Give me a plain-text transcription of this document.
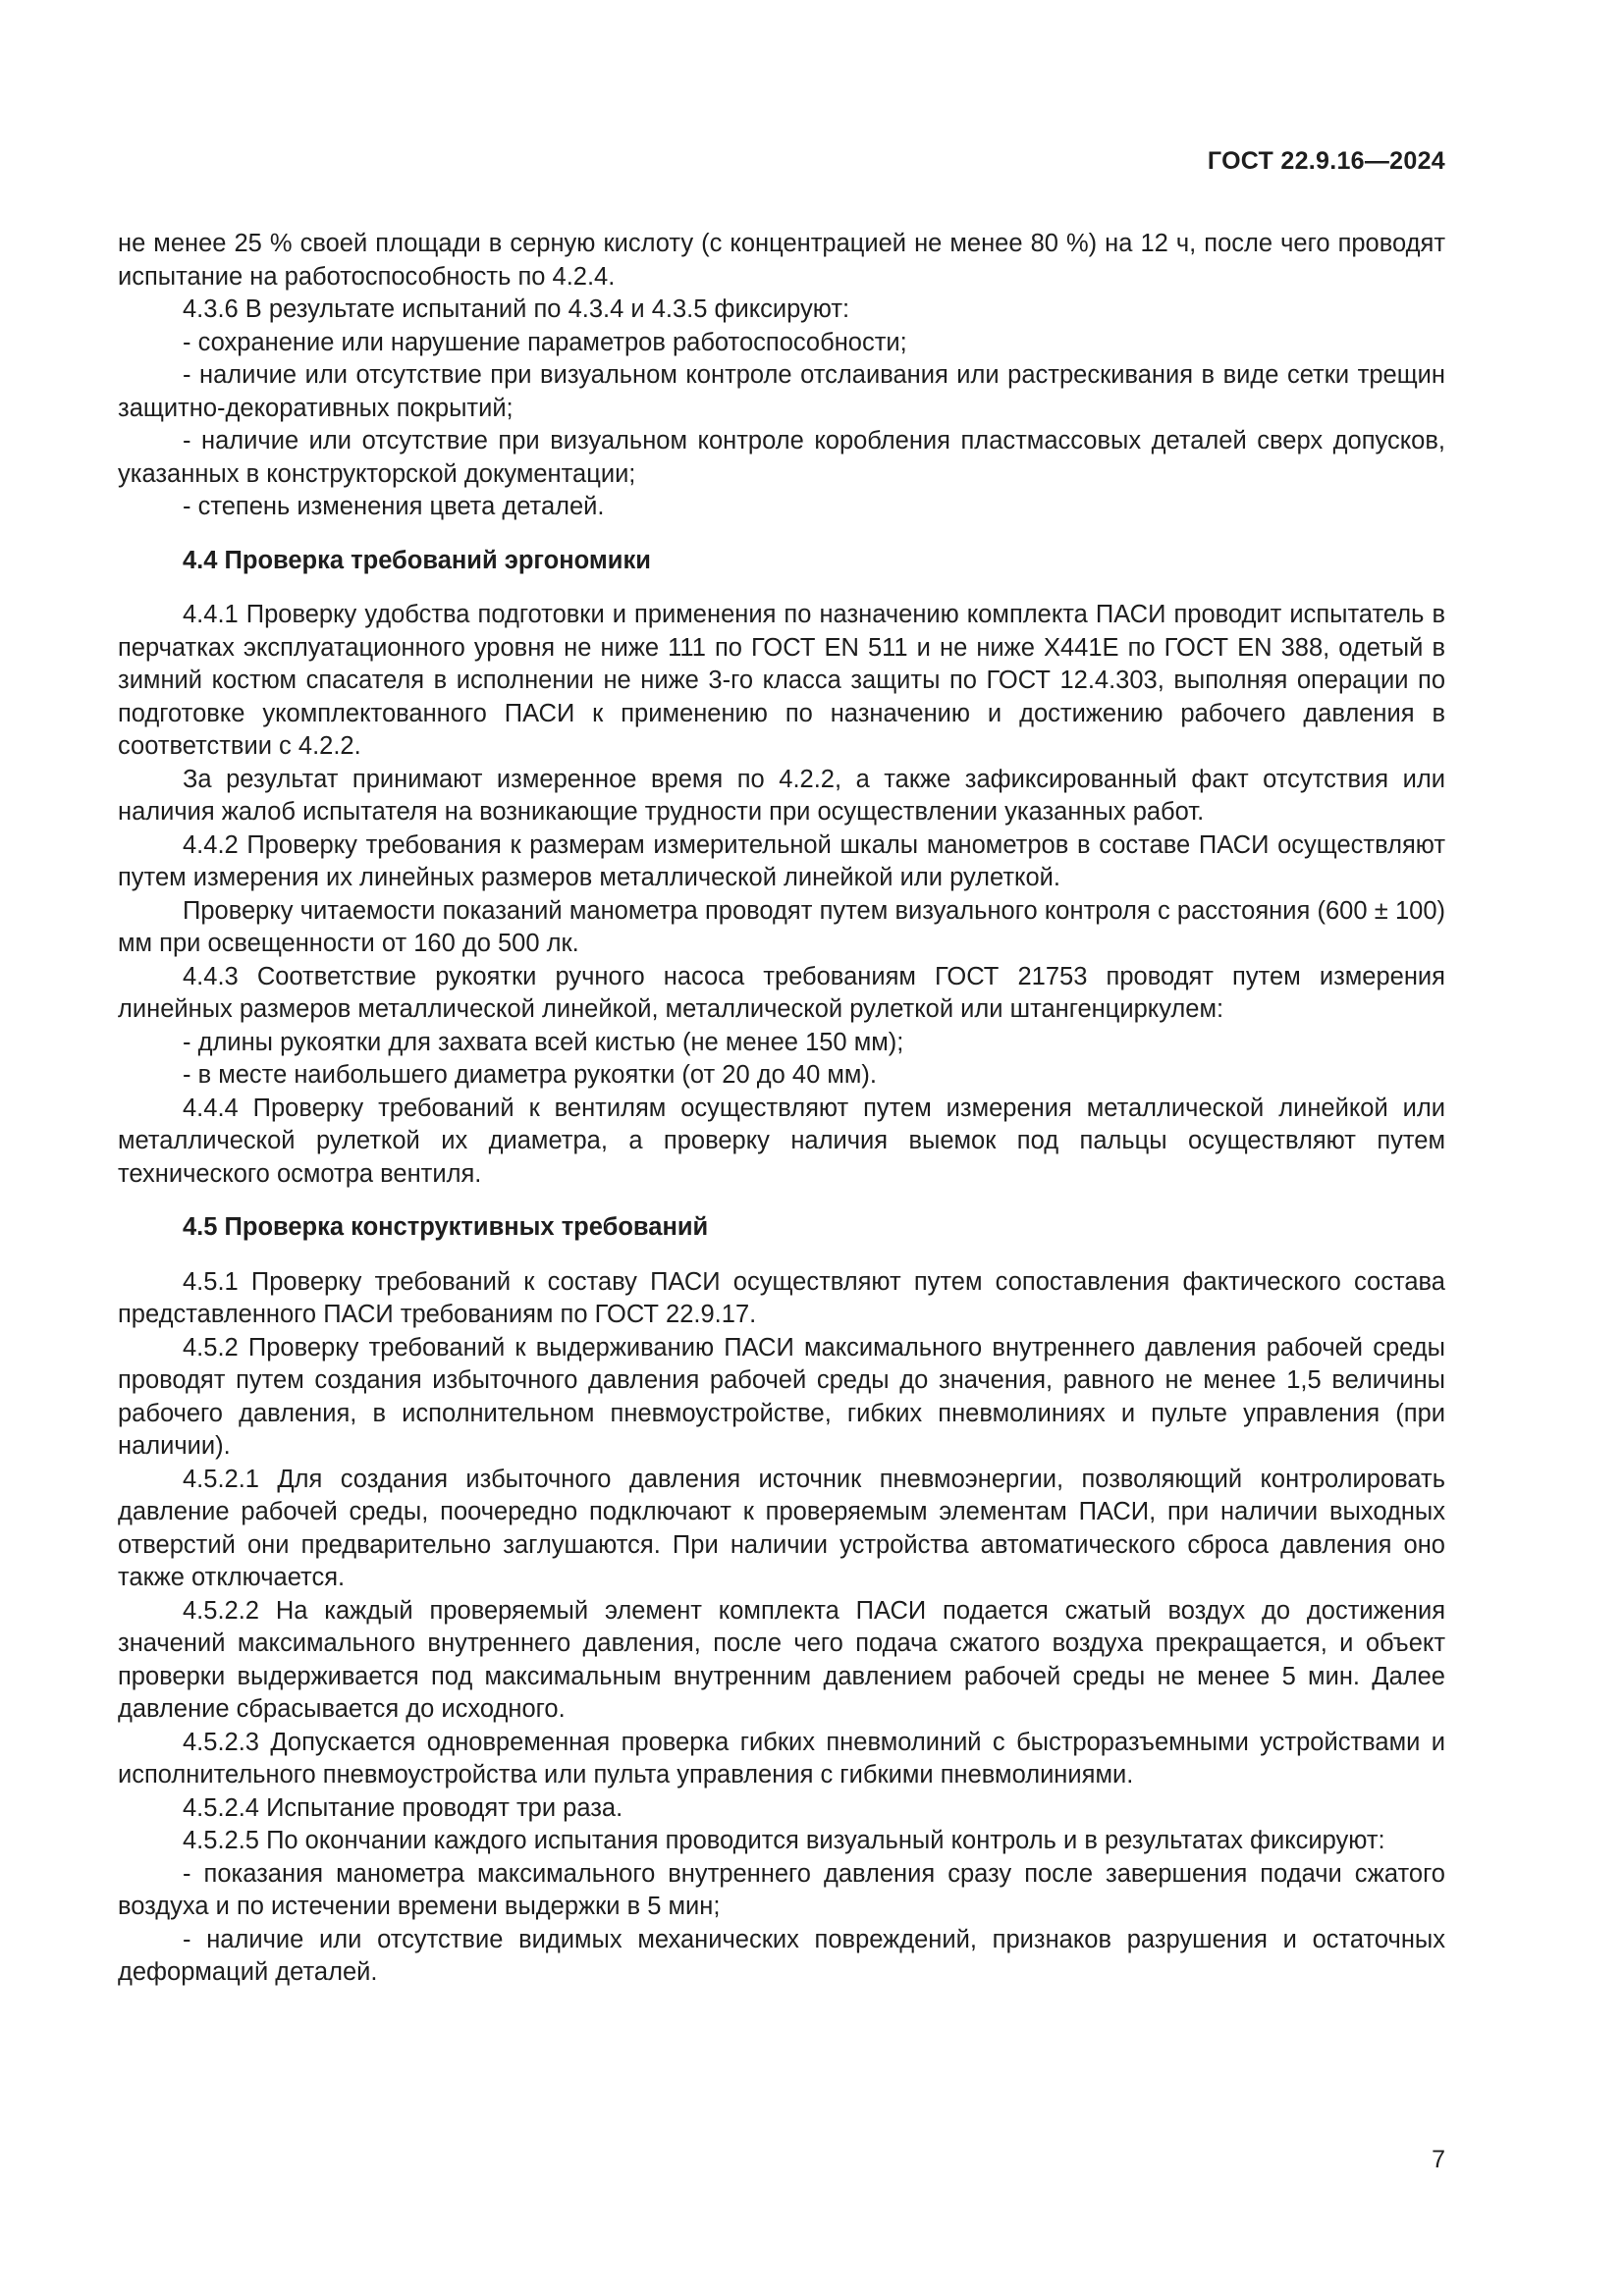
ГОСТ 22.9.16—2024

не менее 25 % своей площади в серную кислоту (с концентрацией не менее 80 %) на 12 ч, после чего проводят испытание на работоспособность по 4.2.4.

4.3.6 В результате испытаний по 4.3.4 и 4.3.5 фиксируют:

- сохранение или нарушение параметров работоспособности;

- наличие или отсутствие при визуальном контроле отслаивания или растрескивания в виде сетки трещин защитно-декоративных покрытий;

- наличие или отсутствие при визуальном контроле коробления пластмассовых деталей сверх допусков, указанных в конструкторской документации;

- степень изменения цвета деталей.

4.4 Проверка требований эргономики

4.4.1 Проверку удобства подготовки и применения по назначению комплекта ПАСИ проводит испытатель в перчатках эксплуатационного уровня не ниже 111 по ГОСТ EN 511 и не ниже Х441Е по ГОСТ EN 388, одетый в зимний костюм спасателя в исполнении не ниже 3-го класса защиты по ГОСТ 12.4.303, выполняя операции по подготовке укомплектованного ПАСИ к применению по назначению и достижению рабочего давления в соответствии с 4.2.2.

За результат принимают измеренное время по 4.2.2, а также зафиксированный факт отсутствия или наличия жалоб испытателя на возникающие трудности при осуществлении указанных работ.

4.4.2 Проверку требования к размерам измерительной шкалы манометров в составе ПАСИ осуществляют путем измерения их линейных размеров металлической линейкой или рулеткой.

Проверку читаемости показаний манометра проводят путем визуального контроля с расстояния (600 ± 100) мм при освещенности от 160 до 500 лк.

4.4.3 Соответствие рукоятки ручного насоса требованиям ГОСТ 21753 проводят путем измерения линейных размеров металлической линейкой, металлической рулеткой или штангенциркулем:

- длины рукоятки для захвата всей кистью (не менее 150 мм);

- в месте наибольшего диаметра рукоятки (от 20 до 40 мм).

4.4.4 Проверку требований к вентилям осуществляют путем измерения металлической линейкой или металлической рулеткой их диаметра, а проверку наличия выемок под пальцы осуществляют путем технического осмотра вентиля.

4.5 Проверка конструктивных требований

4.5.1 Проверку требований к составу ПАСИ осуществляют путем сопоставления фактического состава представленного ПАСИ требованиям по ГОСТ 22.9.17.

4.5.2 Проверку требований к выдерживанию ПАСИ максимального внутреннего давления рабочей среды проводят путем создания избыточного давления рабочей среды до значения, равного не менее 1,5 величины рабочего давления, в исполнительном пневмоустройстве, гибких пневмолиниях и пульте управления (при наличии).

4.5.2.1 Для создания избыточного давления источник пневмоэнергии, позволяющий контролировать давление рабочей среды, поочередно подключают к проверяемым элементам ПАСИ, при наличии выходных отверстий они предварительно заглушаются. При наличии устройства автоматического сброса давления оно также отключается.

4.5.2.2 На каждый проверяемый элемент комплекта ПАСИ подается сжатый воздух до достижения значений максимального внутреннего давления, после чего подача сжатого воздуха прекращается, и объект проверки выдерживается под максимальным внутренним давлением рабочей среды не менее 5 мин. Далее давление сбрасывается до исходного.

4.5.2.3 Допускается одновременная проверка гибких пневмолиний с быстроразъемными устройствами и исполнительного пневмоустройства или пульта управления с гибкими пневмолиниями.

4.5.2.4 Испытание проводят три раза.

4.5.2.5 По окончании каждого испытания проводится визуальный контроль и в результатах фиксируют:

- показания манометра максимального внутреннего давления сразу после завершения подачи сжатого воздуха и по истечении времени выдержки в 5 мин;

- наличие или отсутствие видимых механических повреждений, признаков разрушения и остаточных деформаций деталей.

7
